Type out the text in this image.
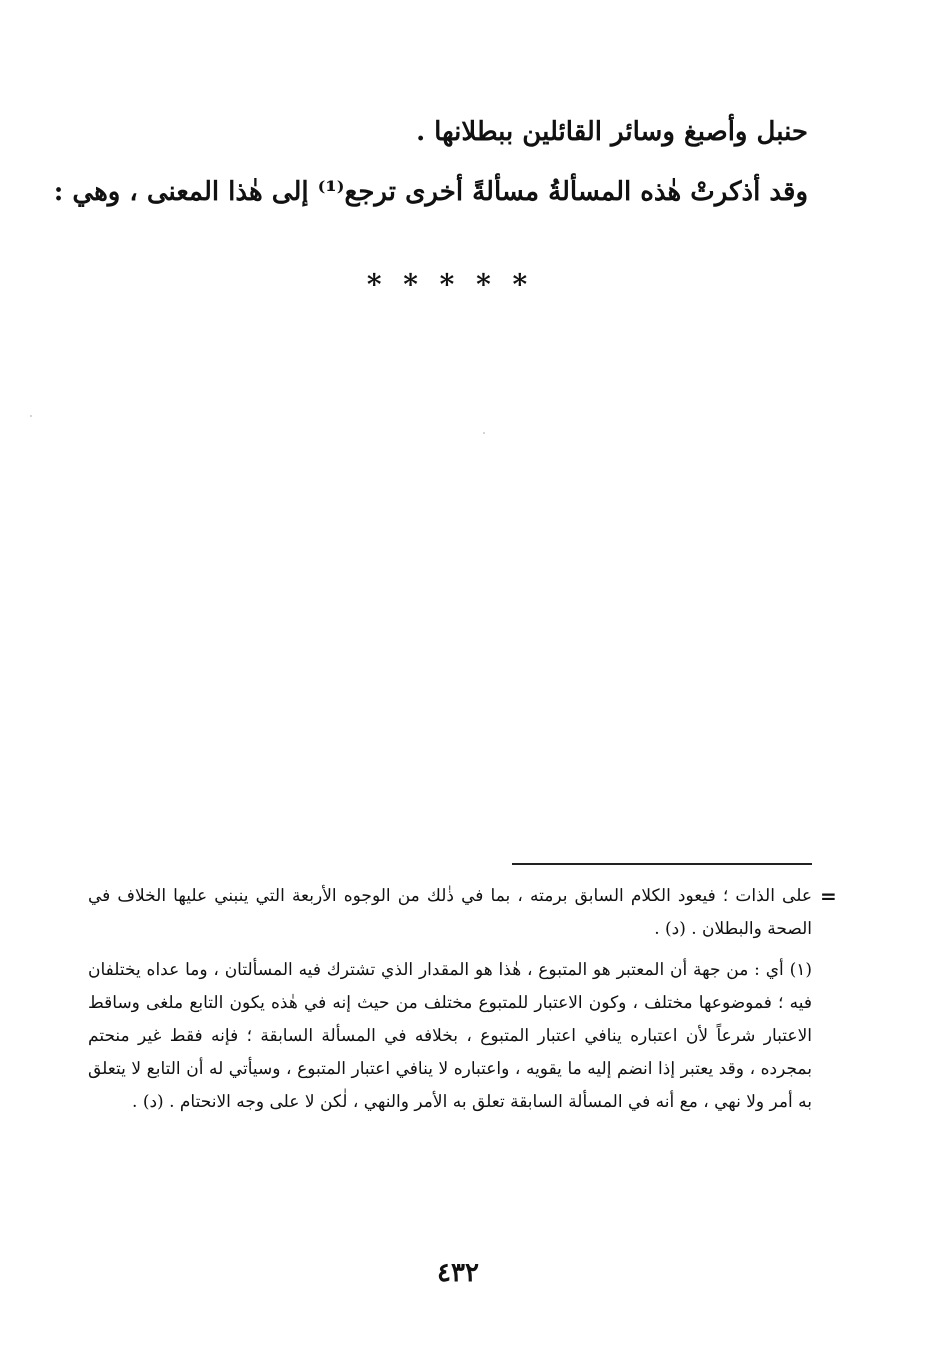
حنبل وأصبغ وسائر القائلين ببطلانها .
وقد أذكرتْ هٰذه المسألةُ مسألةً أخرى ترجع⁽¹⁾ إلى هٰذا المعنى ، وهي :
* * * * *
=

على الذات ؛ فيعود الكلام السابق برمته ، بما في ذٰلك من الوجوه الأربعة التي ينبني عليها الخلاف في الصحة والبطلان . (د) .

(١) أي : من جهة أن المعتبر هو المتبوع ، هٰذا هو المقدار الذي تشترك فيه المسألتان ، وما عداه يختلفان فيه ؛ فموضوعها مختلف ، وكون الاعتبار للمتبوع مختلف من حيث إنه في هٰذه يكون التابع ملغى وساقط الاعتبار شرعاً لأن اعتباره ينافي اعتبار المتبوع ، بخلافه في المسألة السابقة ؛ فإنه فقط غير منحتم بمجرده ، وقد يعتبر إذا انضم إليه ما يقويه ، واعتباره لا ينافي اعتبار المتبوع ، وسيأتي له أن التابع لا يتعلق به أمر ولا نهي ، مع أنه في المسألة السابقة تعلق به الأمر والنهي ، لٰكن لا على وجه الانحتام . (د) .

٤٣٢
